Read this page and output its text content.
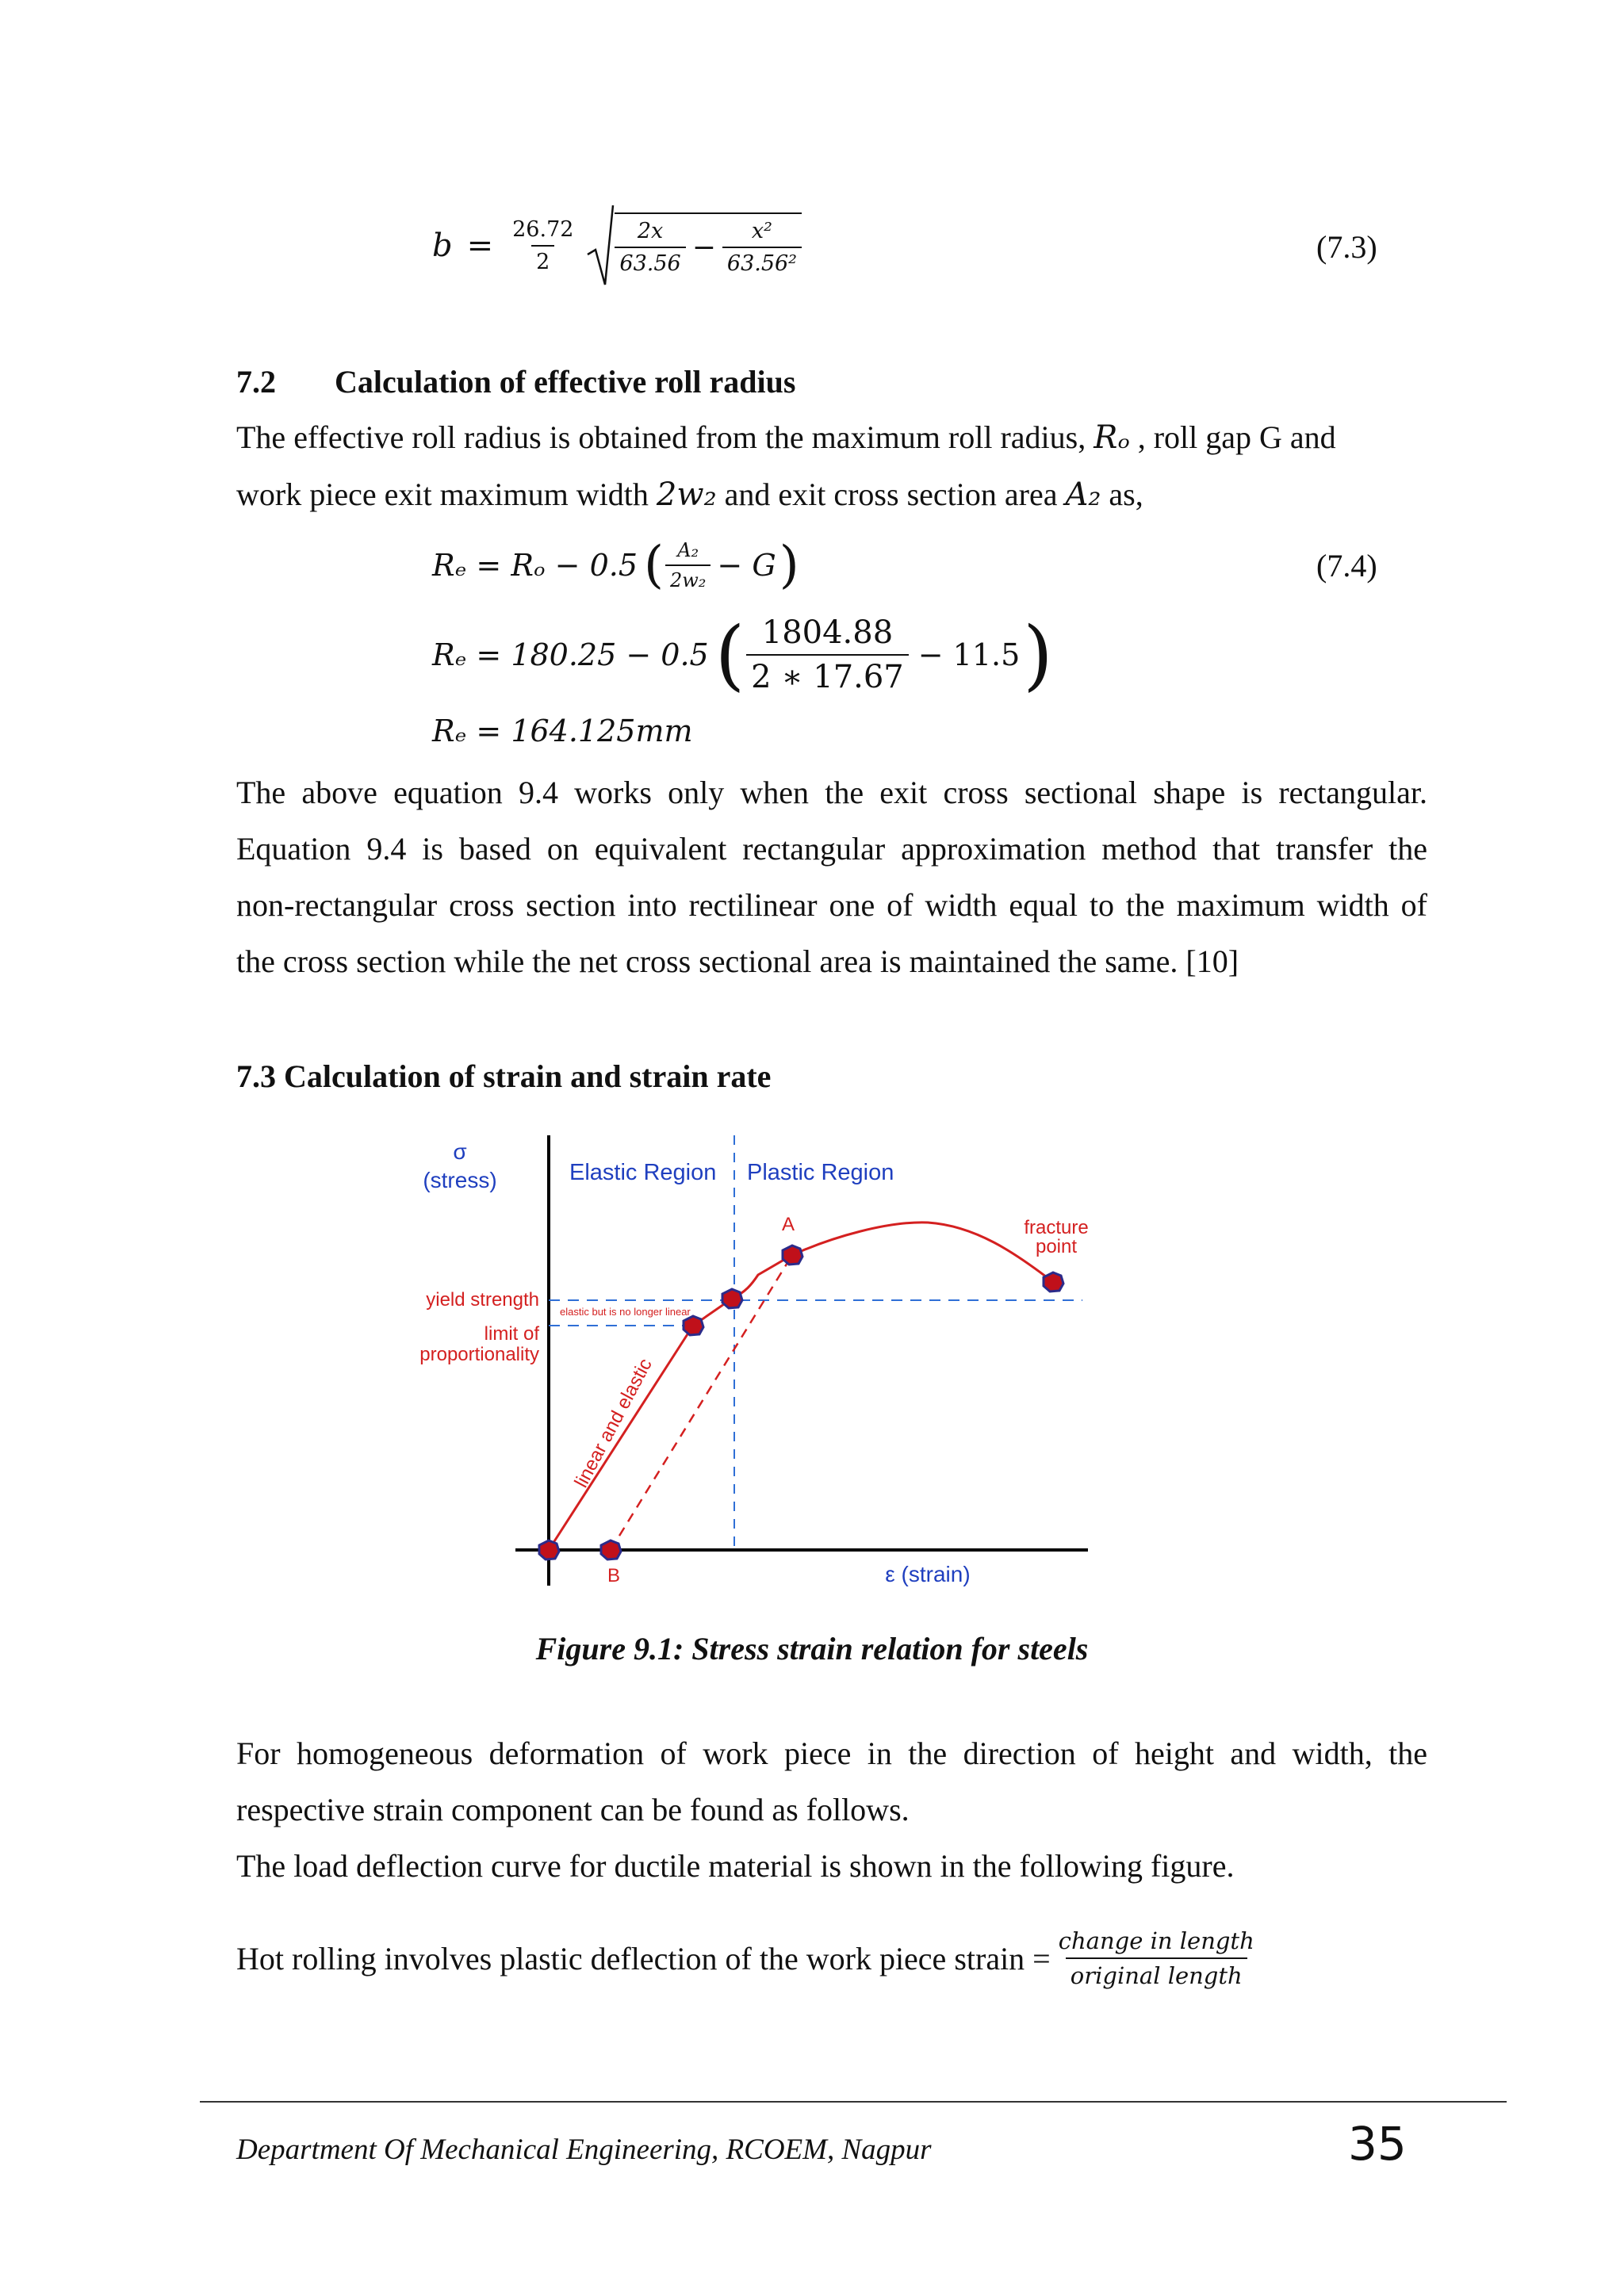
$b = \frac{26.72}{2} \frac{2x}{63.56} - \frac{\text{x²}}{\text{63.56²}}$	(7.3)
7.2 Calculation of effective roll radius
The effective roll radius is obtained from the maximum roll radius, Rₒ , roll gap G and
work piece exit maximum width 2w₂ and exit cross section area A₂ as,
Rₑ = Rₒ − 0.5 ( $\frac{\text{A₂}}{\text{2w₂}} - G$ )	(7.4)
Rₑ = 180.25 − 0.5 ( $\frac{1804.88}{2 ∗ 17.67} - 11.5$ )
Rₑ = 164.125mm
The above equation 9.4 works only when the exit cross sectional shape is rectangular.
Equation 9.4 is based on equivalent rectangular approximation method that transfer the
non-rectangular cross section into rectilinear one of width equal to the maximum width of
the cross section while the net cross sectional area is maintained the same. [10]
7.3 Calculation of strain and strain rate
σ
(stress)	Elastic Region Plastic Region
A	fracture
point
yield strength
limit of
proportionality
elastic but is no longer linear
linear and elastic
B	ε (strain)
Figure 9.1: Stress strain relation for steels
For homogeneous deformation of work piece in the direction of height and width, the
respective strain component can be found as follows.
The load deflection curve for ductile material is shown in the following figure.
Hot rolling involves plastic deflection of the work piece strain = $\frac{\text{change in length}}{\text{original length}}$
Department Of Mechanical Engineering, RCOEM, Nagpur	35
